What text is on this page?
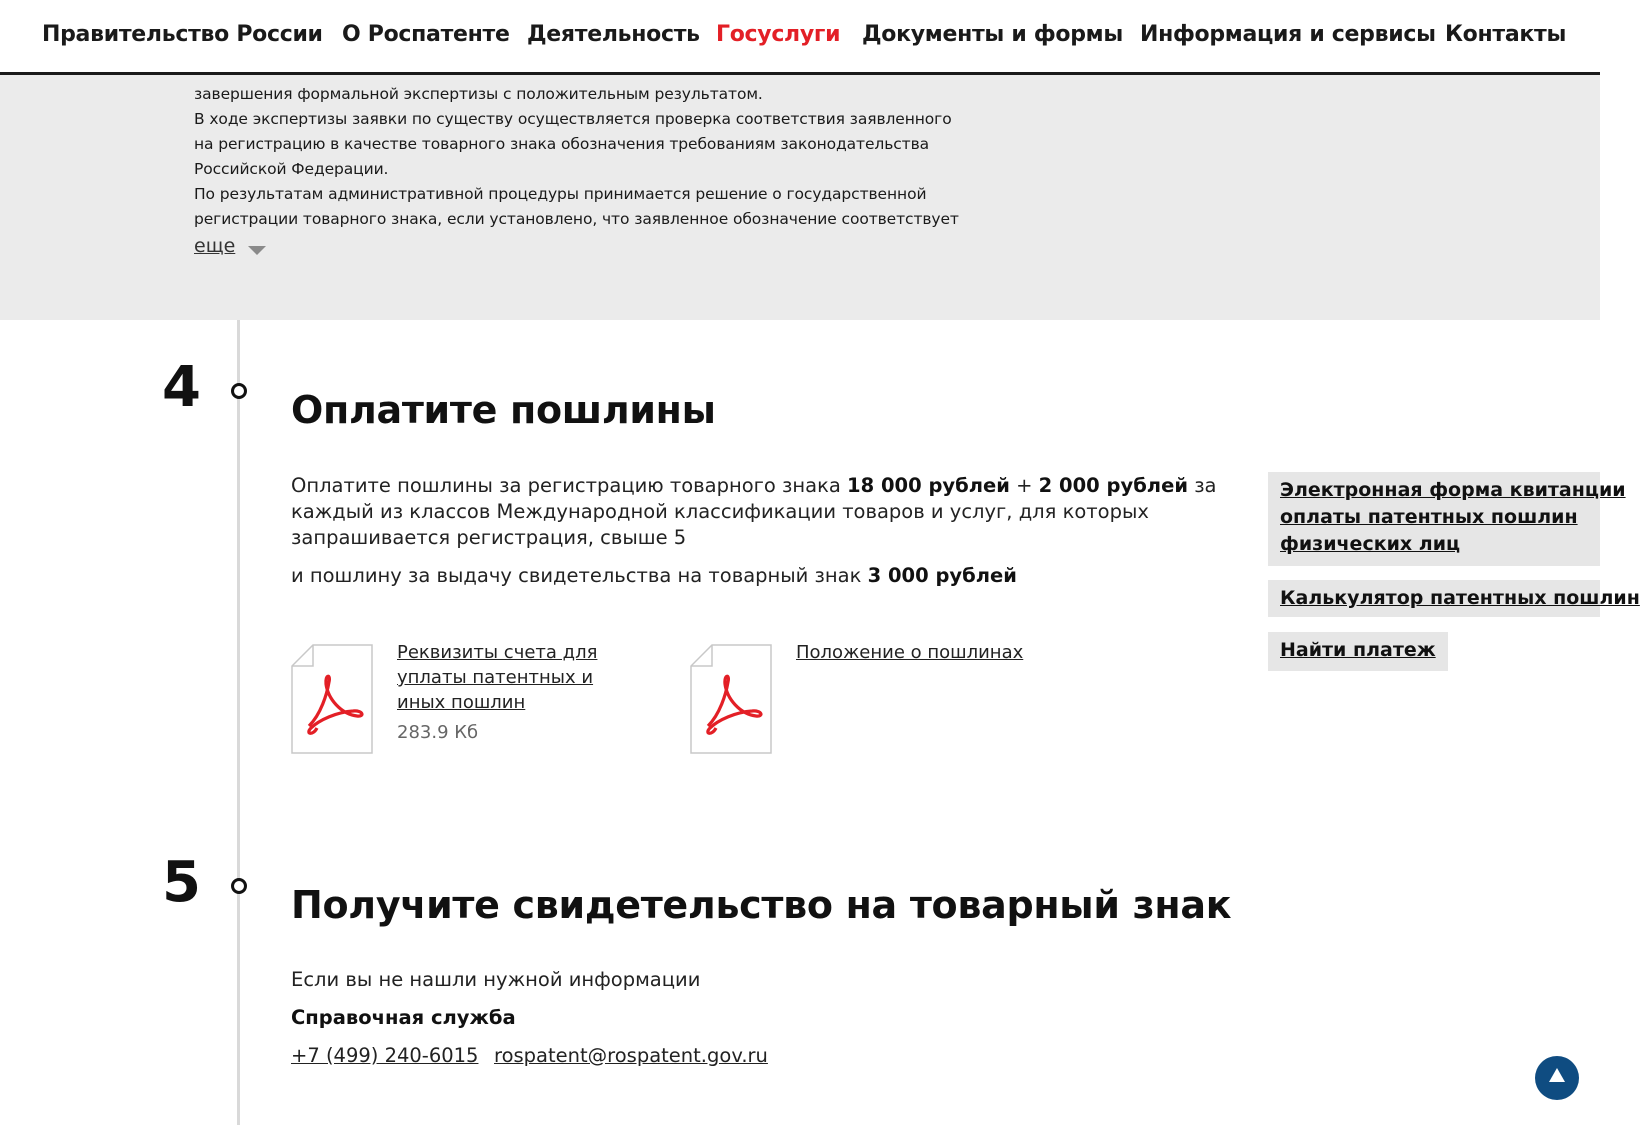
Правительство России О Роспатенте Деятельность Госуслуги Документы и формы Информация и сервисы Контакты
завершения формальной экспертизы с положительным результатом.
В ходе экспертизы заявки по существу осуществляется проверка соответствия заявленного
на регистрацию в качестве товарного знака обозначения требованиям законодательства
Российской Федерации.
По результатам административной процедуры принимается решение о государственной
регистрации товарного знака, если установлено, что заявленное обозначение соответствует
еще
4 Оплатите пошлины
Оплатите пошлины за регистрацию товарного знака 18 000 рублей + 2 000 рублей за
каждый из классов Международной классификации товаров и услуг, для которых
запрашивается регистрация, свыше 5
и пошлину за выдачу свидетельства на товарный знак 3 000 рублей
Реквизиты счета для
уплаты патентных и
иных пошлин
283.9 Кб
Положение о пошлинах
Электронная форма квитанции
оплаты патентных пошлин
физических лиц
Калькулятор патентных пошлин
Найти платеж
5 Получите свидетельство на товарный знак
Если вы не нашли нужной информации
Справочная служба
+7 (499) 240-6015 rospatent@rospatent.gov.ru
